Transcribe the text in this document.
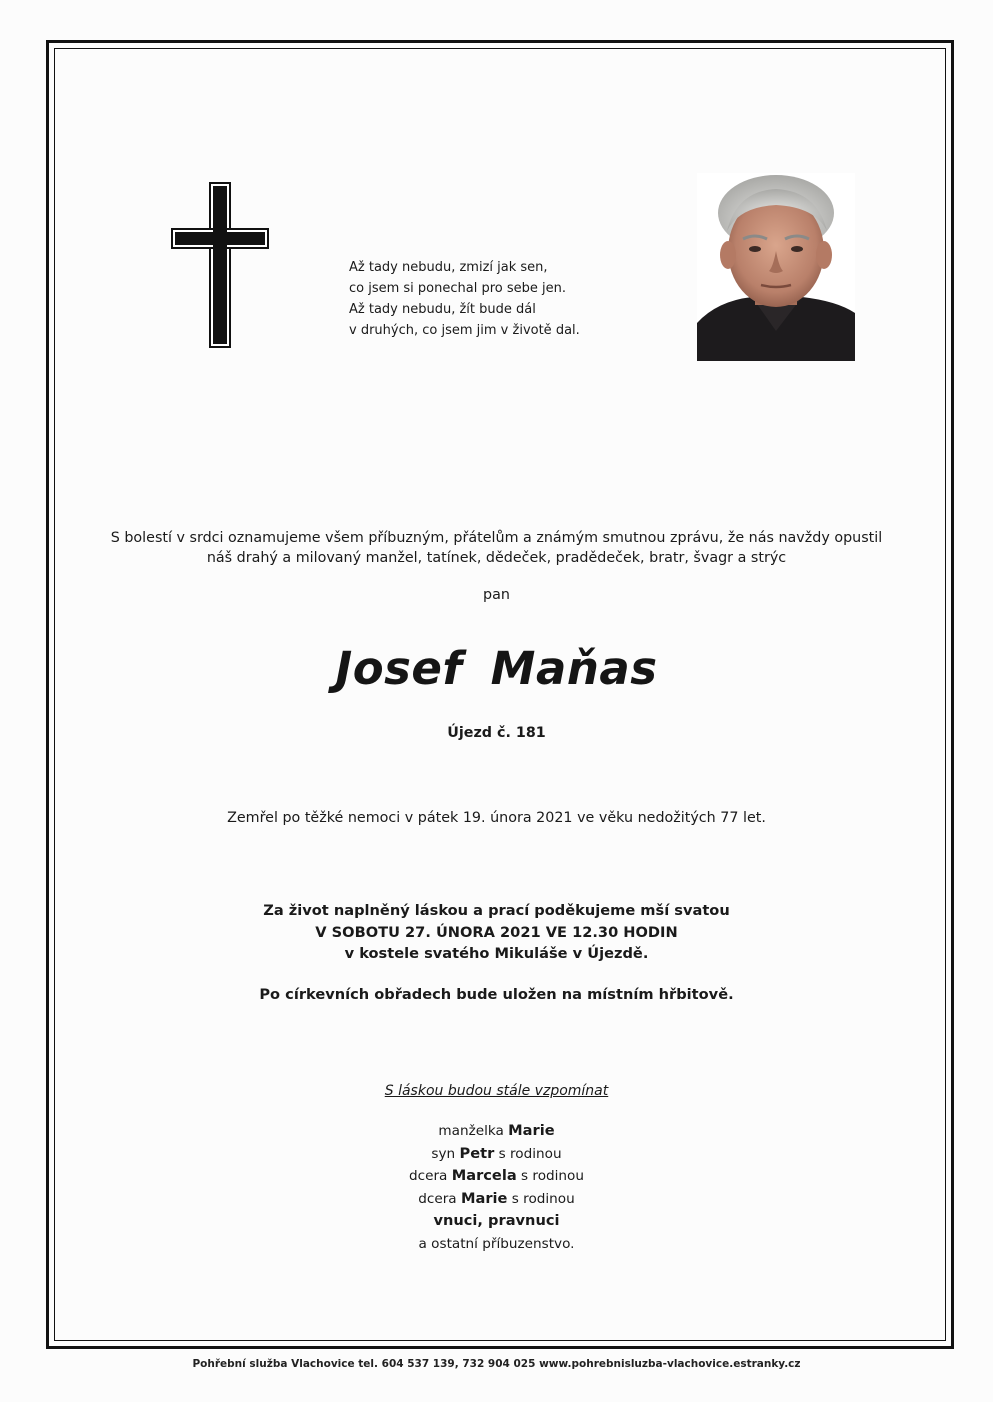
Až tady nebudu, zmizí jak sen,
co jsem si ponechal pro sebe jen.
Až tady nebudu, žít bude dál
v druhých, co jsem jim v životě dal.
S bolestí v srdci oznamujeme všem příbuzným, přátelům a známým smutnou zprávu, že nás navždy opustil
náš drahý a milovaný manžel, tatínek, dědeček, pradědeček, bratr, švagr a strýc
pan
Josef Maňas
Újezd č. 181
Zemřel po těžké nemoci v pátek 19. února 2021 ve věku nedožitých 77 let.
Za život naplněný láskou a prací poděkujeme mší svatou
V SOBOTU 27. ÚNORA 2021 VE 12.30 HODIN
v kostele svatého Mikuláše v Újezdě.
Po církevních obřadech bude uložen na místním hřbitově.
S láskou budou stále vzpomínat
manželka Marie
syn Petr s rodinou
dcera Marcela s rodinou
dcera Marie s rodinou
vnuci, pravnuci
a ostatní příbuzenstvo.
Pohřební služba Vlachovice tel. 604 537 139, 732 904 025 www.pohrebnisluzba-vlachovice.estranky.cz
